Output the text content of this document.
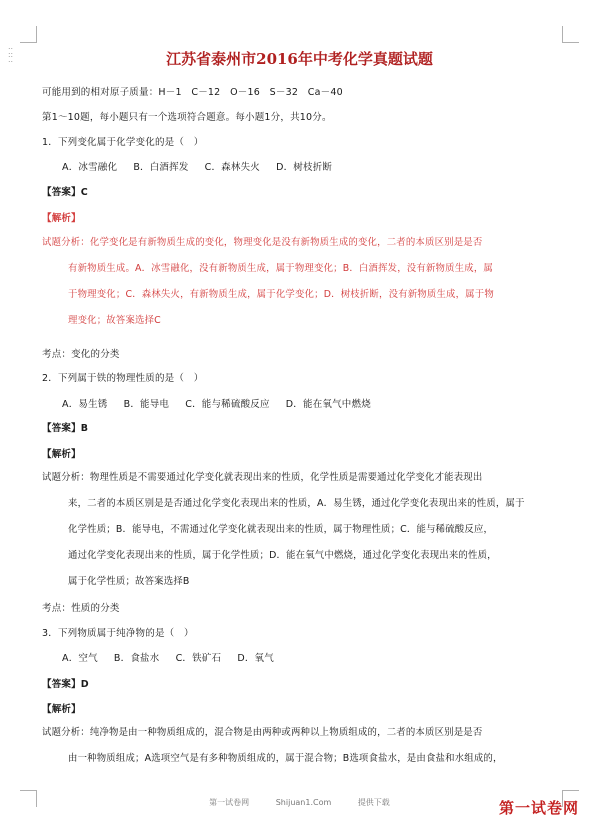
⁚⁚
⁚⁚	江苏省泰州市2016年中考化学真题试题
可能用到的相对原子质量：H－1　C－12　O－16　S－32　Ca－40
第1～10题，每小题只有一个选项符合题意。每小题1分，共10分。
1．下列变化属于化学变化的是（　）
A．冰雪融化 B．白酒挥发 C．森林失火 D．树枝折断
【答案】C
【解析】
试题分析：化学变化是有新物质生成的变化，物理变化是没有新物质生成的变化，二者的本质区别是是否
有新物质生成。A．冰雪融化，没有新物质生成，属于物理变化；B．白酒挥发，没有新物质生成，属
于物理变化；C．森林失火，有新物质生成，属于化学变化；D．树枝折断，没有新物质生成，属于物
理变化；故答案选择C
考点：变化的分类
2．下列属于铁的物理性质的是（　）
A．易生锈 B．能导电 C．能与稀硫酸反应 D．能在氧气中燃烧
【答案】B
【解析】
试题分析：物理性质是不需要通过化学变化就表现出来的性质，化学性质是需要通过化学变化才能表现出
来，二者的本质区别是是否通过化学变化表现出来的性质，A．易生锈，通过化学变化表现出来的性质，属于
化学性质；B．能导电，不需通过化学变化就表现出来的性质，属于物理性质；C．能与稀硫酸反应，
通过化学变化表现出来的性质，属于化学性质；D．能在氧气中燃烧，通过化学变化表现出来的性质，
属于化学性质；故答案选择B
考点：性质的分类
3．下列物质属于纯净物的是（　）
A．空气 B．食盐水 C．铁矿石 D．氧气
【答案】D
【解析】
试题分析：纯净物是由一种物质组成的，混合物是由两种或两种以上物质组成的，二者的本质区别是是否
由一种物质组成；A选项空气是有多种物质组成的，属于混合物；B选项食盐水，是由食盐和水组成的，
第一试卷网	Shijuan1.Com	提供下载	第一试卷网
